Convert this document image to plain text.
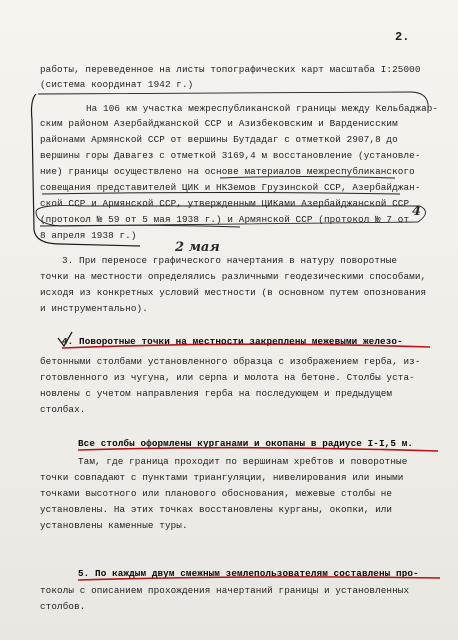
2.
работы, переведенное на листы топографических карт масштаба I:25000
(система координат 1942 г.)
На 106 км участка межреспубликанской границы между Кельбаджар-
ским районом Азербайджанской ССР и Азизбековским и Варденисским
районами Армянской ССР от вершины Бутдадаг с отметкой 2907,8 до
вершины горы Давагез с отметкой 3169,4 м восстановление (установле-
ние) границы осуществлено на основе материалов межреспубликанского
совещания представителей ЦИК и НКЗемов Грузинской ССР, Азербайджан-
ской ССР и Армянской ССР, утвержденным ЦИКами Азербайджанской ССР
(протокол № 59 от 5 мая 1938 г.) и Армянской ССР (протокол № 7 от
8 апреля 1938 г.)
3. При переносе графического начертания в натуру поворотные
точки на местности определялись различными геодезическими способами,
исходя из конкретных условий местности (в основном путем опознования
и инструментально).
4. Поворотные точки на местности закреплены межевыми железо-
бетонными столбами установленного образца с изображением герба, из-
готовленного из чугуна, или серпа и молота на бетоне. Столбы уста-
новлены с учетом направления герба на последующем и предыдущем
столбах.
Все столбы оформлены курганами и окопаны в радиусе I-I,5 м.
Там, где граница проходит по вершинам хребтов и поворотные
точки совпадают с пунктами триангуляции, нивелирования или иными
точками высотного или планового обоснования, межевые столбы не
установлены. На этих точках восстановлены курганы, окопки, или
установлены каменные туры.
5. По каждым двум смежным землепользователям составлены про-
токолы с описанием прохождения начертаний границы и установленных
столбов.
4
2 мая
